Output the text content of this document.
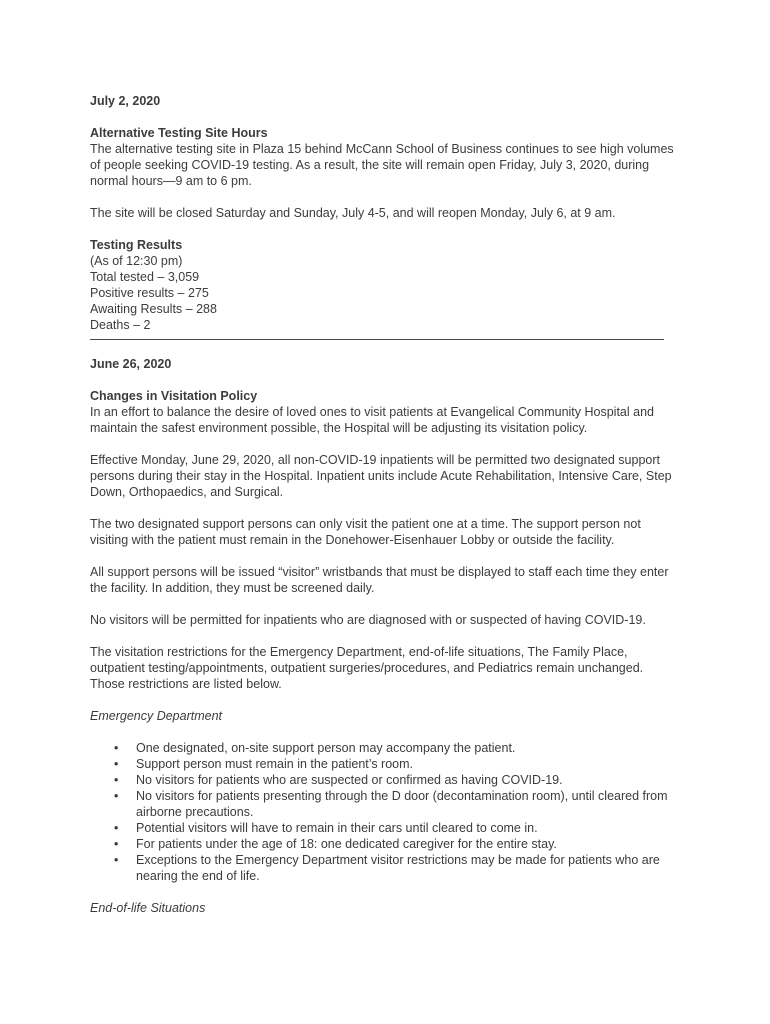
July 2, 2020

Alternative Testing Site Hours

The alternative testing site in Plaza 15 behind McCann School of Business continues to see high volumes of people seeking COVID-19 testing. As a result, the site will remain open Friday, July 3, 2020, during normal hours—9 am to 6 pm.

The site will be closed Saturday and Sunday, July 4-5, and will reopen Monday, July 6, at 9 am.

Testing Results

(As of 12:30 pm)

Total tested – 3,059

Positive results – 275

Awaiting Results – 288

Deaths – 2

June 26, 2020

Changes in Visitation Policy

In an effort to balance the desire of loved ones to visit patients at Evangelical Community Hospital and maintain the safest environment possible, the Hospital will be adjusting its visitation policy.

Effective Monday, June 29, 2020, all non-COVID-19 inpatients will be permitted two designated support persons during their stay in the Hospital. Inpatient units include Acute Rehabilitation, Intensive Care, Step Down, Orthopaedics, and Surgical.

The two designated support persons can only visit the patient one at a time. The support person not visiting with the patient must remain in the Donehower-Eisenhauer Lobby or outside the facility.

All support persons will be issued “visitor” wristbands that must be displayed to staff each time they enter the facility. In addition, they must be screened daily.

No visitors will be permitted for inpatients who are diagnosed with or suspected of having COVID-19.

The visitation restrictions for the Emergency Department, end-of-life situations, The Family Place, outpatient testing/appointments, outpatient surgeries/procedures, and Pediatrics remain unchanged. Those restrictions are listed below.

Emergency Department

• One designated, on-site support person may accompany the patient.
• Support person must remain in the patient’s room.
• No visitors for patients who are suspected or confirmed as having COVID-19.
• No visitors for patients presenting through the D door (decontamination room), until cleared from airborne precautions.
• Potential visitors will have to remain in their cars until cleared to come in.
• For patients under the age of 18: one dedicated caregiver for the entire stay.
• Exceptions to the Emergency Department visitor restrictions may be made for patients who are nearing the end of life.

End-of-life Situations
